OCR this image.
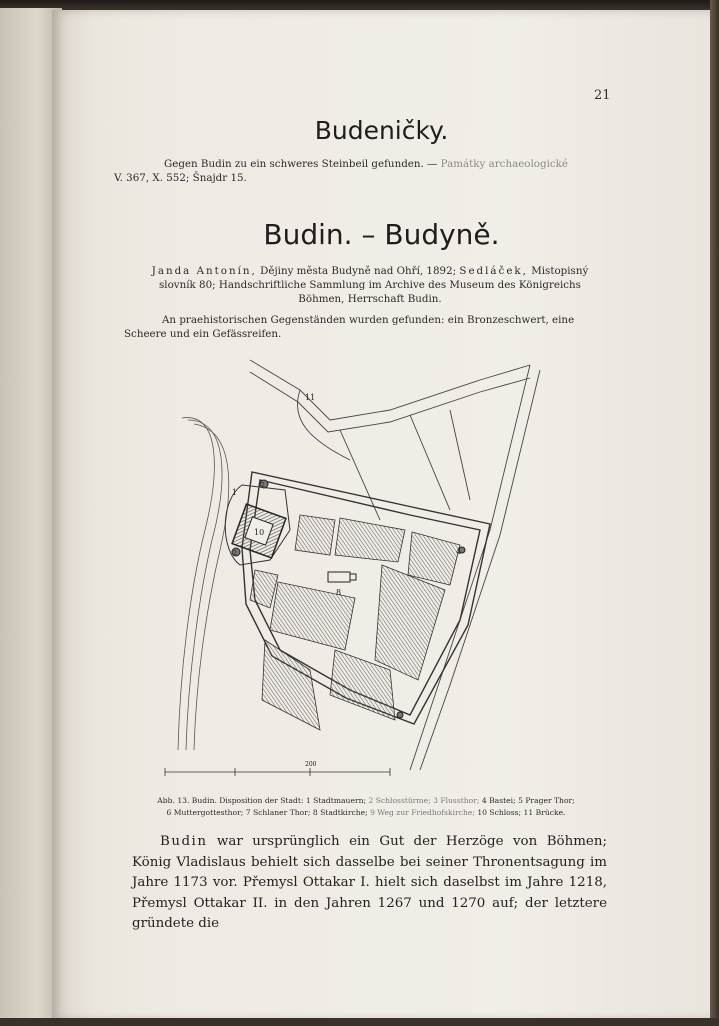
21
Budeničky.
Gegen Budin zu ein schweres Steinbeil gefunden. — Památky archaeologické
V. 367, X. 552; Šnajdr 15.
Budin. – Budyně.
Janda Antonín, Dějiny města Budyně nad Ohří, 1892; Sedláček, Mistopisný slovník 80; Handschriftliche Sammlung im Archive des Museum des Königreichs Böhmen, Herrschaft Budin.
An praehistorischen Gegenständen wurden gefunden: ein Bronzeschwert, eine
Scheere und ein Gefässreifen.
11
10
1
2
2	4
8
200
Abb. 13. Budin. Disposition der Stadt: 1 Stadtmauern; 2 Schlosstürme; 3 Flussthor; 4 Bastei; 5 Prager Thor;
6 Muttergottesthor; 7 Schlaner Thor; 8 Stadtkirche; 9 Weg zur Friedhofskirche; 10 Schloss; 11 Brücke.
Budin war ursprünglich ein Gut der Herzöge von Böhmen; König Vladislaus behielt sich dasselbe bei seiner Thronentsagung im Jahre 1173 vor. Přemysl Ottakar I. hielt sich daselbst im Jahre 1218, Přemysl Ottakar II. in den Jahren 1267 und 1270 auf; der letztere gründete die
